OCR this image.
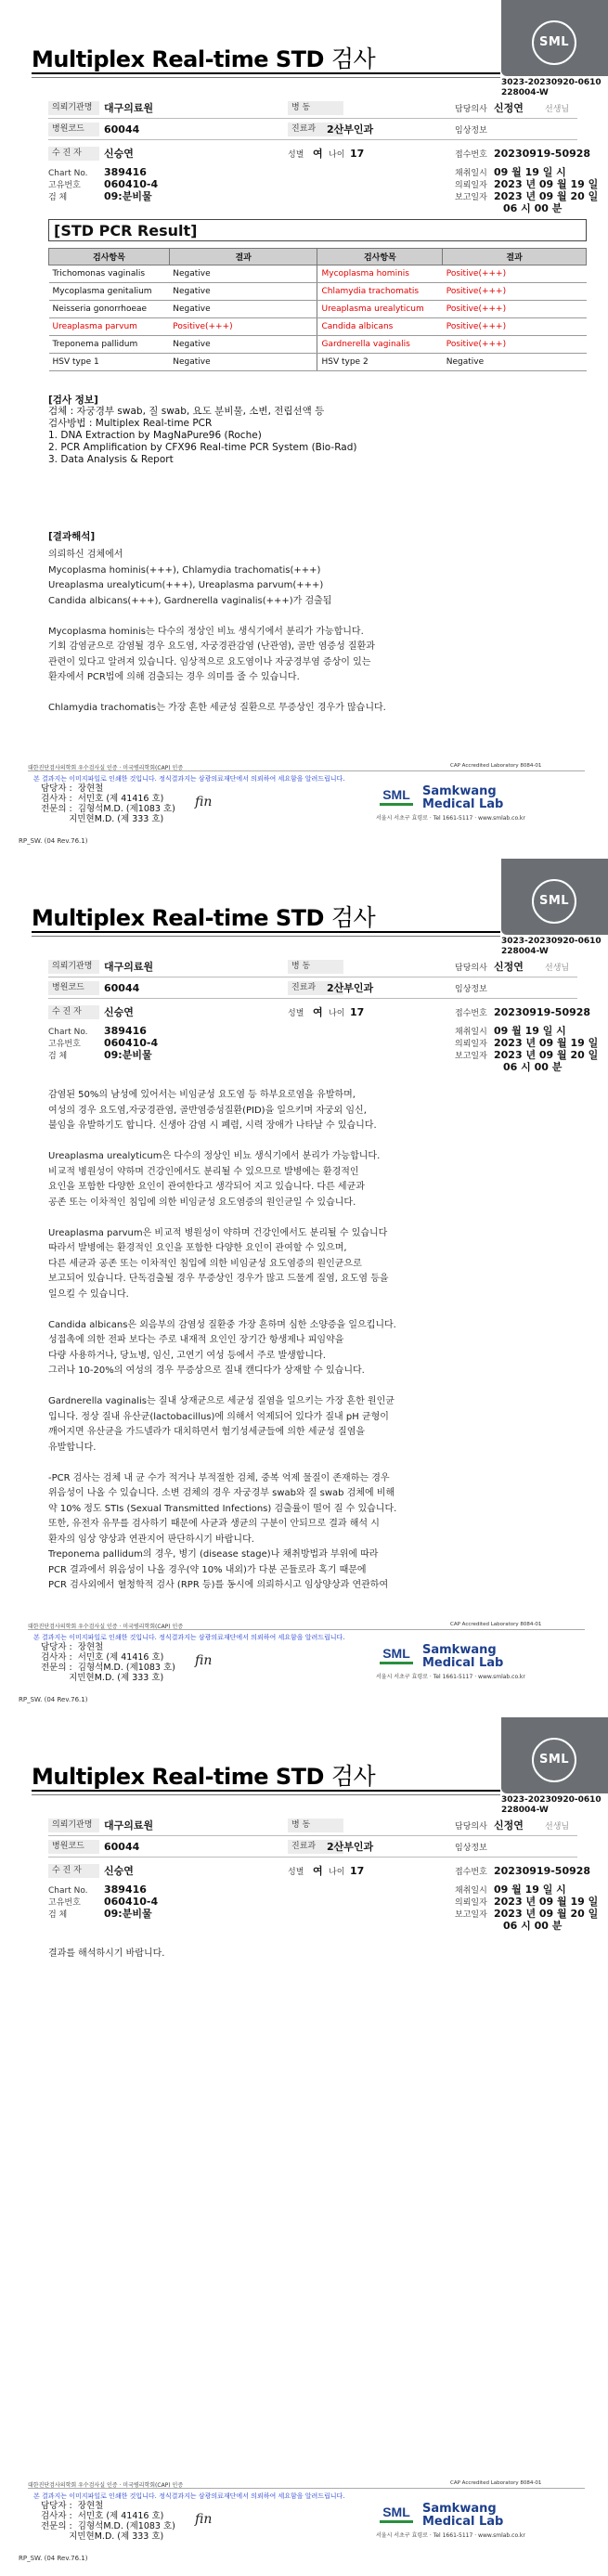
Multiplex Real-time STD 검사
SML
3023-20230920-0610
228004-W
의뢰기관명	대구의료원	병 동	담당의사 신정연	선생님
병원코드	60044	진료과	2산부인과	임상정보
수 진 자	신승연	성별 여 나이 17	접수번호 20230919-50928
Chart No. 389416
고유번호 060410-4
검 체	09:분비물
채취일시 09 월 19 일 시
의뢰일자 2023 년 09 월 19 일
보고일자 2023 년 09 월 20 일
06 시 00 분
[STD PCR Result]
검사항목	결과	검사항목	결과
Trichomonas vaginalis	Negative	Mycoplasma hominis	Positive(+++)
Mycoplasma genitalium	Negative	Chlamydia trachomatis	Positive(+++)
Neisseria gonorrhoeae	Negative	Ureaplasma urealyticum	Positive(+++)
Ureaplasma parvum	Positive(+++)	Candida albicans	Positive(+++)
Treponema pallidum	Negative	Gardnerella vaginalis	Positive(+++)
HSV type 1	Negative	HSV type 2	Negative
[검사 정보]
검체 : 자궁경부 swab, 질 swab, 요도 분비물, 소변, 전립선액 등
검사방법 : Multiplex Real-time PCR
1. DNA Extraction by MagNaPure96 (Roche)
2. PCR Amplification by CFX96 Real-time PCR System (Bio-Rad)
3. Data Analysis & Report
[결과해석]
의뢰하신 검체에서
Mycoplasma hominis(+++), Chlamydia trachomatis(+++)
Ureaplasma urealyticum(+++), Ureaplasma parvum(+++)
Candida albicans(+++), Gardnerella vaginalis(+++)가 검출됨

Mycoplasma hominis는 다수의 정상인 비뇨 생식기에서 분리가 가능합니다.
기회 감염균으로 감염될 경우 요도염, 자궁경관감염 (난관염), 골반 염증성 질환과
관련이 있다고 알려져 있습니다. 임상적으로 요도염이나 자궁경부염 증상이 있는
환자에서 PCR법에 의해 검출되는 경우 의미를 줄 수 있습니다.

Chlamydia trachomatis는 가장 흔한 세균성 질환으로 무증상인 경우가 많습니다.
대한진단검사의학회 우수검사실 인증 · 미국병리학회(CAP) 인증	CAP Accredited Laboratory 8084-01
본 결과지는 이미지파일로 인쇄한 것입니다. 정식결과지는 삼광의료재단에서 의뢰하여 세요함을 알려드립니다.
담당자 :  장현철
검사자 :  서민호 (제 41416 호)
전문의 :  김형석M.D. (제1083 호)
지민현M.D. (제 333 호)
fin	SML Samkwang
Medical Lab
서울시 서초구 효령로 · Tel 1661-5117 · www.smlab.co.kr
RP_SW. (04 Rev.76.1)
Multiplex Real-time STD 검사
SML
3023-20230920-0610
228004-W
의뢰기관명	대구의료원	병 동	담당의사 신정연	선생님
병원코드	60044	진료과	2산부인과	임상정보
수 진 자	신승연	성별 여 나이 17	접수번호 20230919-50928
Chart No. 389416
고유번호 060410-4
검 체	09:분비물
채취일시 09 월 19 일 시
의뢰일자 2023 년 09 월 19 일
보고일자 2023 년 09 월 20 일
06 시 00 분
감염된 50%의 남성에 있어서는 비임균성 요도염 등 하부요로염을 유발하며,
여성의 경우 요도염,자궁경관염, 골반염증성질환(PID)을 일으키며 자궁외 임신,
불임을 유발하기도 합니다. 신생아 감염 시 폐렴, 시력 장애가 나타날 수 있습니다.

Ureaplasma urealyticum은 다수의 정상인 비뇨 생식기에서 분리가 가능합니다.
비교적 병원성이 약하며 건강인에서도 분리될 수 있으므로 발병에는 환경적인
요인을 포함한 다양한 요인이 관여한다고 생각되어 지고 있습니다. 다른 세균과
공존 또는 이차적인 침입에 의한 비임균성 요도염증의 원인균일 수 있습니다.

Ureaplasma parvum은 비교적 병원성이 약하며 건강인에서도 분리될 수 있습니다
따라서 발병에는 환경적인 요인을 포함한 다양한 요인이 관여할 수 있으며,
다른 세균과 공존 또는 이차적인 침입에 의한 비임균성 요도염증의 원인균으로
보고되어 있습니다. 단독검출될 경우 무증상인 경우가 많고 드물게 질염, 요도염 등을
일으킬 수 있습니다.

Candida albicans은 외음부의 감염성 질환중 가장 흔하며 심한 소양증을 일으킵니다.
성접촉에 의한 전파 보다는 주로 내재적 요인인 장기간 항생제나 피임약을
다량 사용하거나, 당뇨병, 임신, 고연기 여성 등에서 주로 발생합니다.
그러나 10-20%의 여성의 경우 무증상으로 질내 캔디다가 상재할 수 있습니다.

Gardnerella vaginalis는 질내 상재균으로 세균성 질염을 일으키는 가장 흔한 원인균
입니다. 정상 질내 유산균(lactobacillus)에 의해서 억제되어 있다가 질내 pH 균형이
깨어지면 유산균을 가드넬라가 대치하면서 혐기성세균들에 의한 세균성 질염을
유발합니다.

-PCR 검사는 검체 내 균 수가 적거나 부적절한 검체, 중복 억제 물질이 존재하는 경우
위음성이 나올 수 있습니다. 소변 검체의 경우 자궁경부 swab와 질 swab 검체에 비해
약 10% 정도 STIs (Sexual Transmitted Infections) 검출률이 떨어 질 수 있습니다.
또한, 유전자 유무를 검사하기 때문에 사균과 생균의 구분이 안되므로 결과 해석 시
환자의 임상 양상과 연관지어 판단하시기 바랍니다.
Treponema pallidum의 경우, 병기 (disease stage)나 채취방법과 부위에 따라
PCR 결과에서 위음성이 나올 경우(약 10% 내외)가 다분 곤듈로라 혹기 때문에
PCR 검사외에서 혈청학적 검사 (RPR 등)를 동시에 의뢰하시고 임상양상과 연관하여
대한진단검사의학회 우수검사실 인증 · 미국병리학회(CAP) 인증	CAP Accredited Laboratory 8084-01
본 결과지는 이미지파일로 인쇄한 것입니다. 정식결과지는 삼광의료재단에서 의뢰하여 세요함을 알려드립니다.
담당자 :  장현철
검사자 :  서민호 (제 41416 호)
전문의 :  김형석M.D. (제1083 호)
지민현M.D. (제 333 호)
fin	SML Samkwang
Medical Lab
서울시 서초구 효령로 · Tel 1661-5117 · www.smlab.co.kr
RP_SW. (04 Rev.76.1)
Multiplex Real-time STD 검사
SML
3023-20230920-0610
228004-W
의뢰기관명	대구의료원	병 동	담당의사 신정연	선생님
병원코드	60044	진료과	2산부인과	임상정보
수 진 자	신승연	성별 여 나이 17	접수번호 20230919-50928
Chart No. 389416
고유번호 060410-4
검 체	09:분비물
채취일시 09 월 19 일 시
의뢰일자 2023 년 09 월 19 일
보고일자 2023 년 09 월 20 일
06 시 00 분
결과를 해석하시기 바랍니다.
대한진단검사의학회 우수검사실 인증 · 미국병리학회(CAP) 인증	CAP Accredited Laboratory 8084-01
본 결과지는 이미지파일로 인쇄한 것입니다. 정식결과지는 삼광의료재단에서 의뢰하여 세요함을 알려드립니다.
담당자 :  장현철
검사자 :  서민호 (제 41416 호)
전문의 :  김형석M.D. (제1083 호)
지민현M.D. (제 333 호)
fin	SML Samkwang
Medical Lab
서울시 서초구 효령로 · Tel 1661-5117 · www.smlab.co.kr
RP_SW. (04 Rev.76.1)
